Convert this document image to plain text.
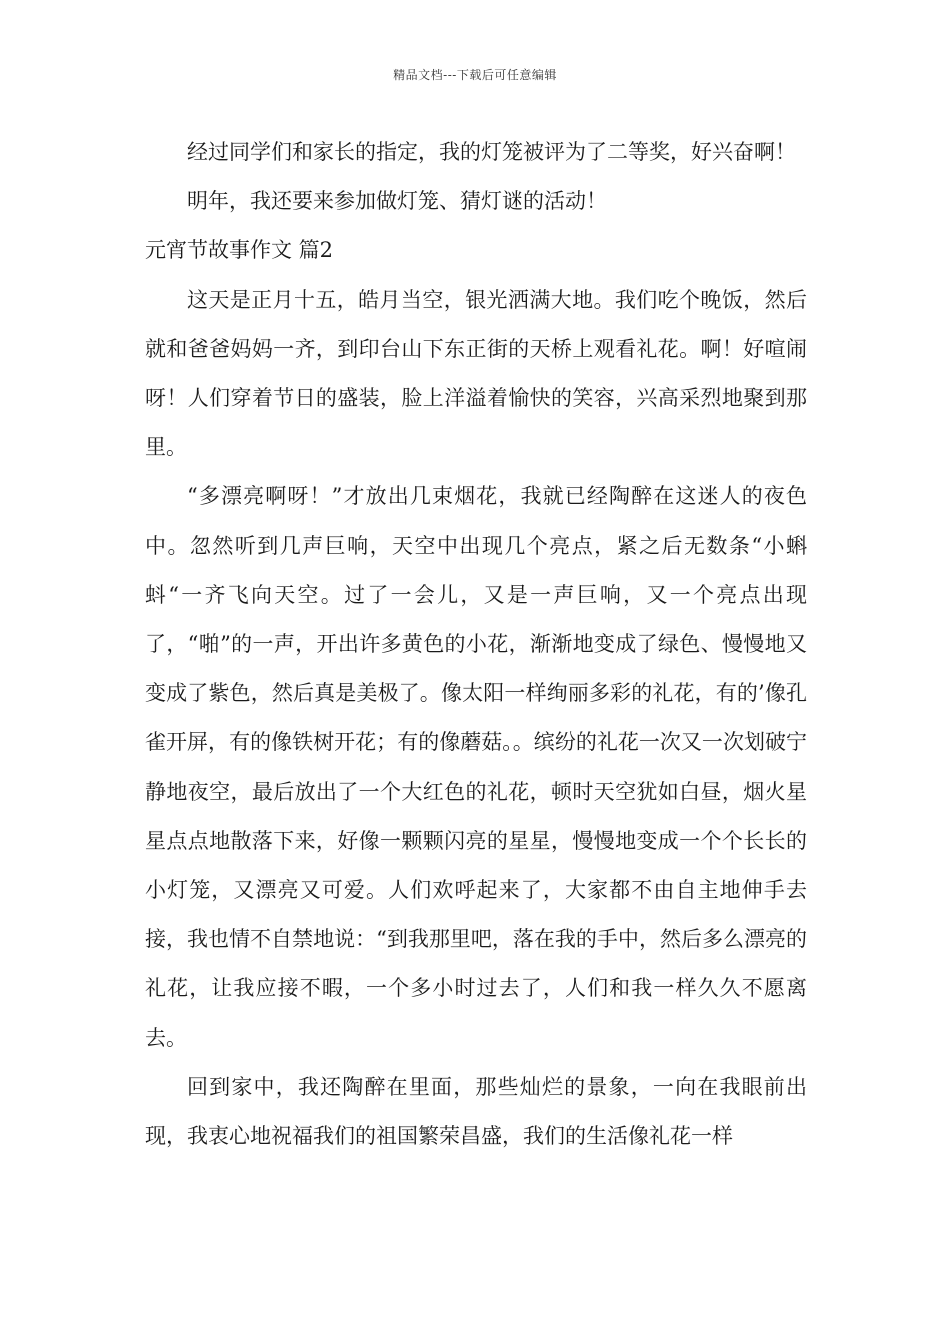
精品文档---下载后可任意编辑

经过同学们和家长的指定，我的灯笼被评为了二等奖，好兴奋啊！

明年，我还要来参加做灯笼、猜灯谜的活动！

元宵节故事作文 篇2

这天是正月十五，皓月当空，银光洒满大地。我们吃个晚饭，然后就和爸爸妈妈一齐，到印台山下东正街的天桥上观看礼花。啊！好喧闹呀！人们穿着节日的盛装，脸上洋溢着愉快的笑容，兴高采烈地聚到那里。

“多漂亮啊呀！”才放出几束烟花，我就已经陶醉在这迷人的夜色中。忽然听到几声巨响，天空中出现几个亮点，紧之后无数条“小蝌蚪“一齐飞向天空。过了一会儿，又是一声巨响，又一个亮点出现了，“啪”的一声，开出许多黄色的小花，渐渐地变成了绿色、慢慢地又变成了紫色，然后真是美极了。像太阳一样绚丽多彩的礼花，有的’像孔雀开屏，有的像铁树开花；有的像蘑菇。。缤纷的礼花一次又一次划破宁静地夜空，最后放出了一个大红色的礼花，顿时天空犹如白昼，烟火星星点点地散落下来，好像一颗颗闪亮的星星，慢慢地变成一个个长长的小灯笼，又漂亮又可爱。人们欢呼起来了，大家都不由自主地伸手去接，我也情不自禁地说：“到我那里吧，落在我的手中，然后多么漂亮的礼花，让我应接不暇，一个多小时过去了，人们和我一样久久不愿离去。

回到家中，我还陶醉在里面，那些灿烂的景象，一向在我眼前出现，我衷心地祝福我们的祖国繁荣昌盛，我们的生活像礼花一样
